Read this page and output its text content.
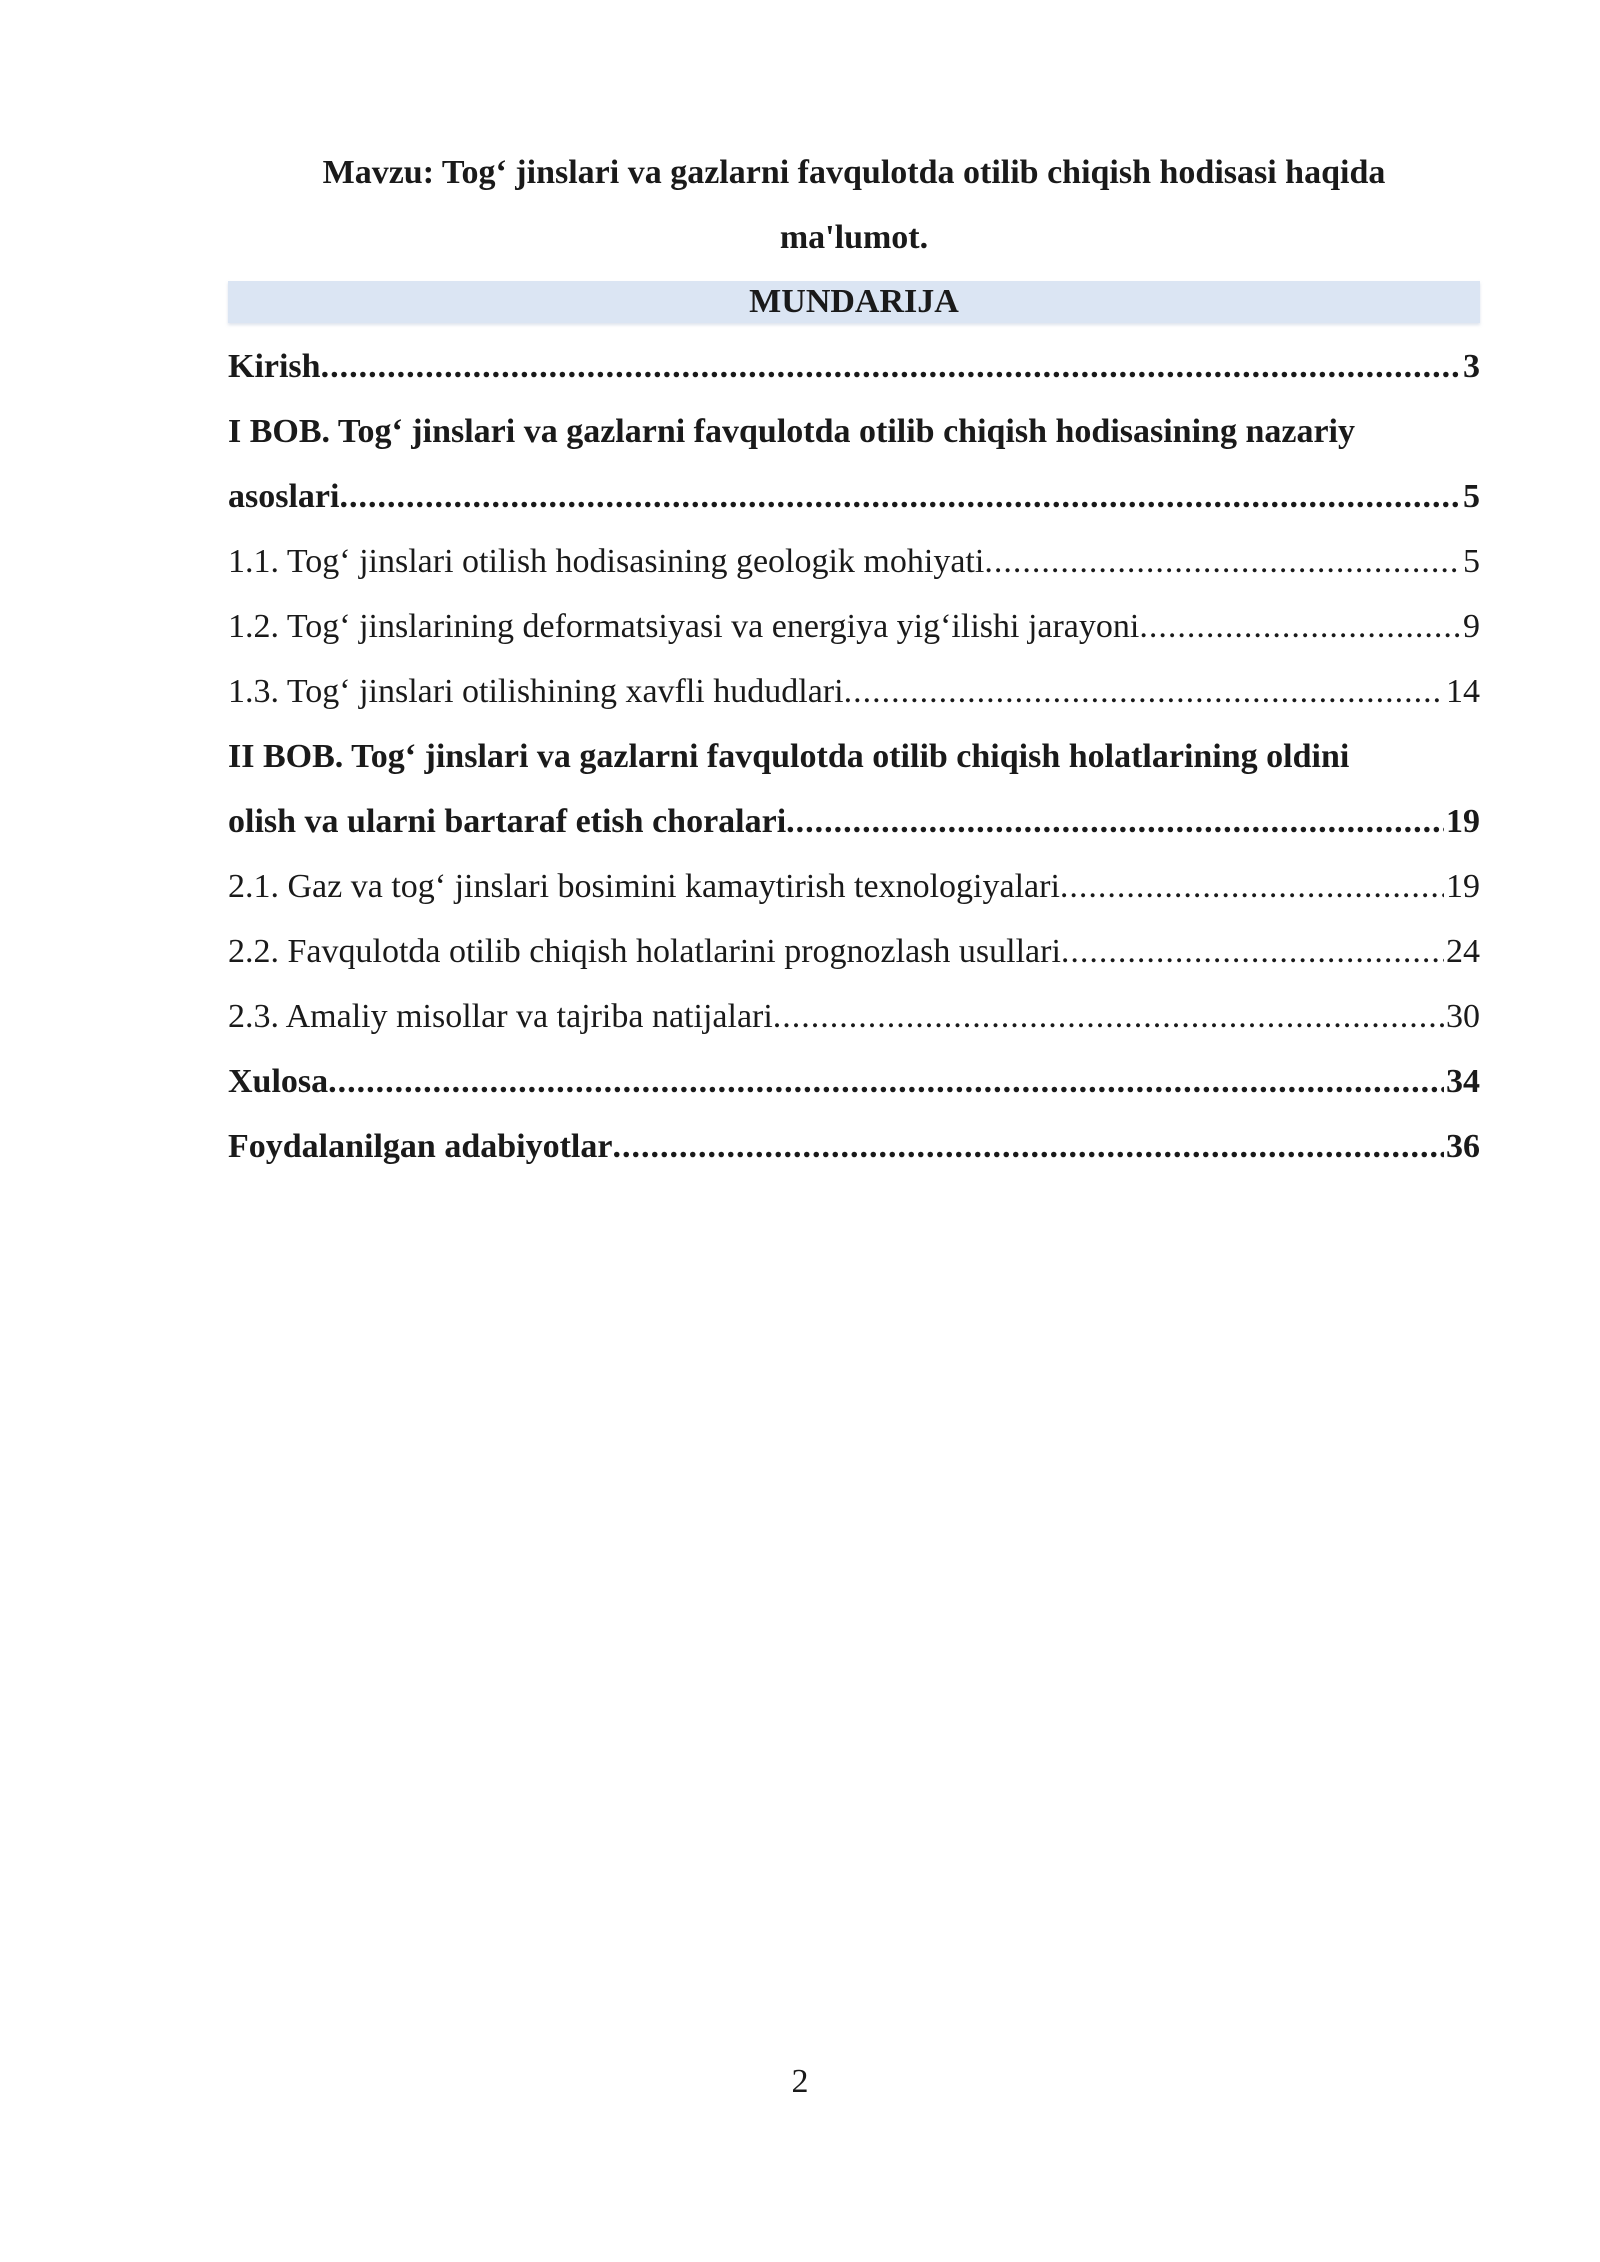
Mavzu: Tog‘ jinslari va gazlarni favqulotda otilib chiqish hodisasi haqida
ma'lumot.
MUNDARIJA
Kirish .....	3
I BOB. Tog‘ jinslari va gazlarni favqulotda otilib chiqish hodisasining nazariy
asoslari .....	5
1.1. Tog‘ jinslari otilish hodisasining geologik mohiyati .....	5
1.2. Tog‘ jinslarining deformatsiyasi va energiya yig‘ilishi jarayoni .....	9
1.3. Tog‘ jinslari otilishining xavfli hududlari .....	14
II BOB. Tog‘ jinslari va gazlarni favqulotda otilib chiqish holatlarining oldini
olish va ularni bartaraf etish choralari .....	19
2.1. Gaz va tog‘ jinslari bosimini kamaytirish texnologiyalari .....	19
2.2. Favqulotda otilib chiqish holatlarini prognozlash usullari .....	24
2.3. Amaliy misollar va tajriba natijalari .....	30
Xulosa .....	34
Foydalanilgan adabiyotlar .....	36
2
